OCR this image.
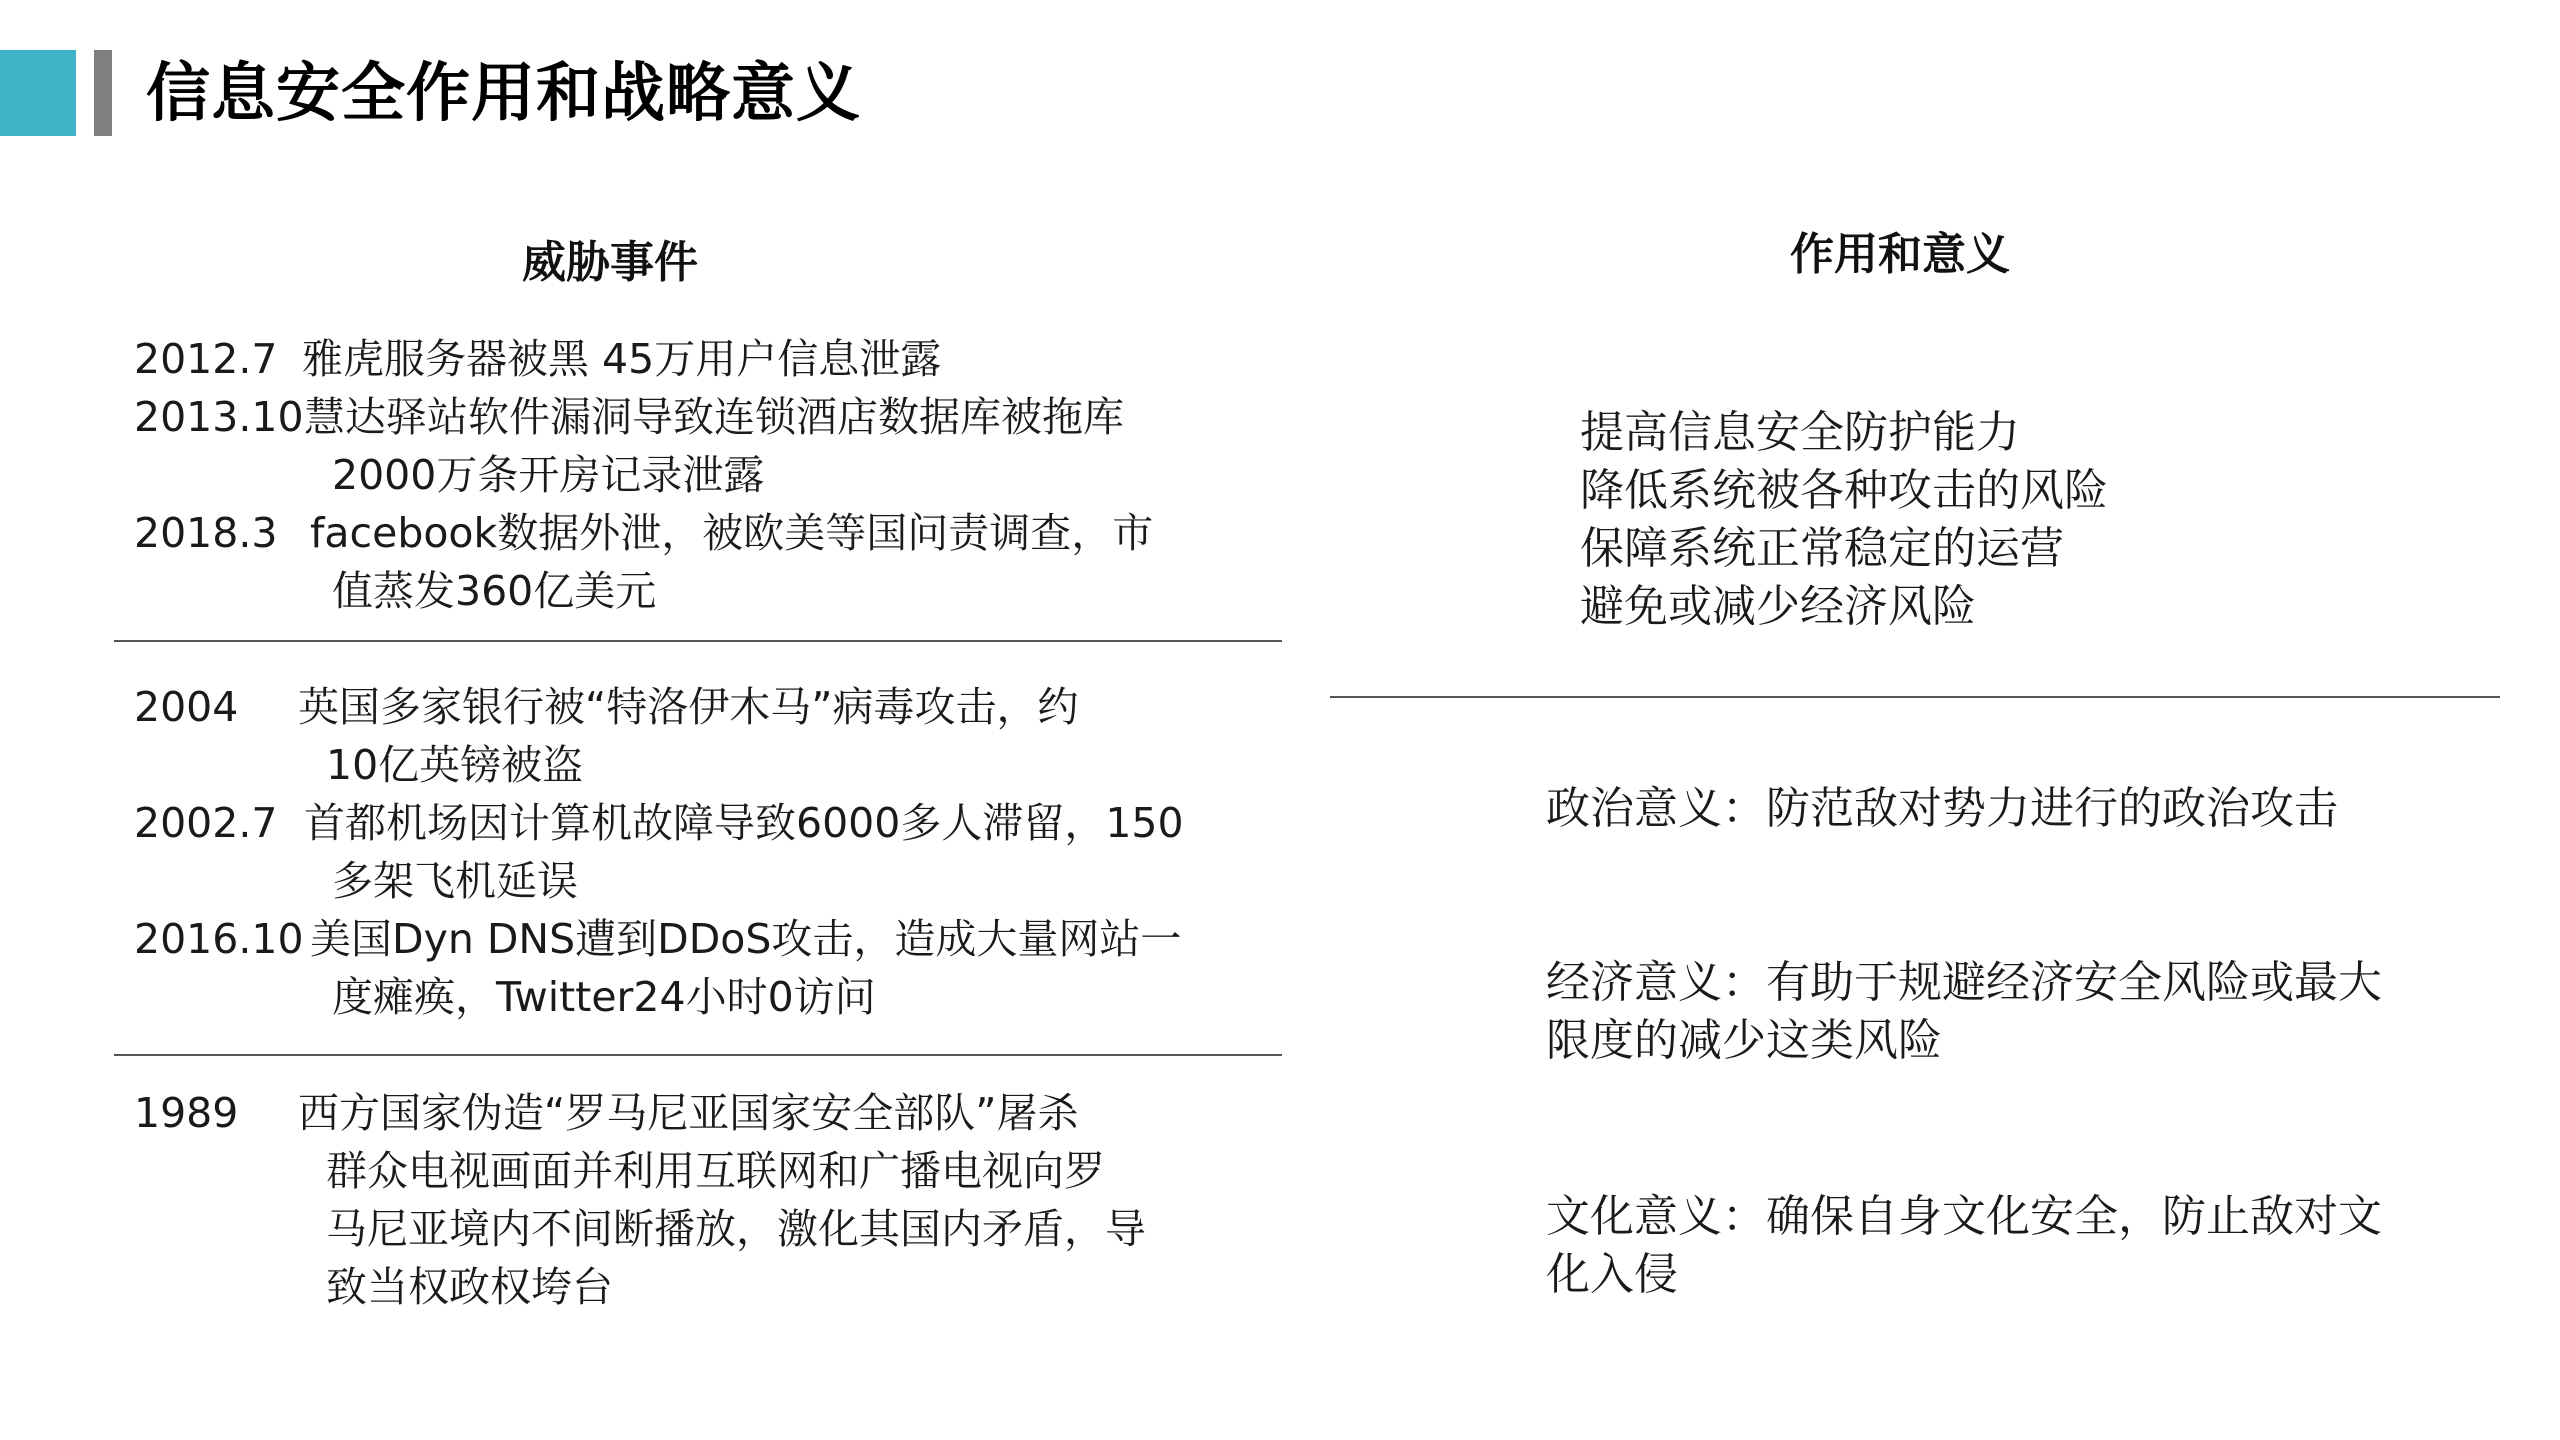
信息安全作用和战略意义
威胁事件	作用和意义
2012.7 雅虎服务器被黑 45万用户信息泄露
2013.10 慧达驿站软件漏洞导致连锁酒店数据库被拖库
2000万条开房记录泄露
2018.3 facebook数据外泄，被欧美等国问责调查，市
值蒸发360亿美元
2004 英国多家银行被“特洛伊木马”病毒攻击，约
10亿英镑被盗
2002.7 首都机场因计算机故障导致6000多人滞留，150
多架飞机延误
2016.10 美国Dyn DNS遭到DDoS攻击，造成大量网站一
度瘫痪，Twitter24小时0访问
1989 西方国家伪造“罗马尼亚国家安全部队”屠杀
群众电视画面并利用互联网和广播电视向罗
马尼亚境内不间断播放，激化其国内矛盾，导
致当权政权垮台
提高信息安全防护能力
降低系统被各种攻击的风险
保障系统正常稳定的运营
避免或减少经济风险
政治意义：防范敌对势力进行的政治攻击
经济意义：有助于规避经济安全风险或最大
限度的减少这类风险
文化意义：确保自身文化安全，防止敌对文
化入侵
